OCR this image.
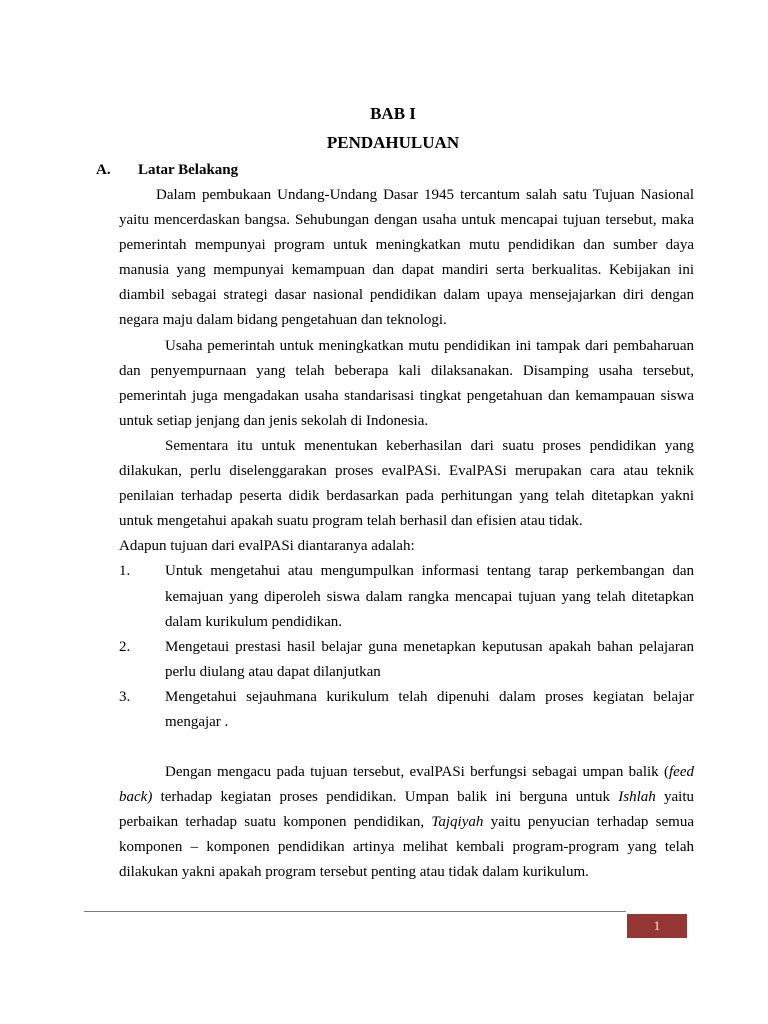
BAB I
PENDAHULUAN
A. Latar Belakang

Dalam pembukaan Undang-Undang Dasar 1945 tercantum salah satu Tujuan Nasional yaitu mencerdaskan bangsa. Sehubungan dengan usaha untuk mencapai tujuan tersebut, maka pemerintah mempunyai program untuk meningkatkan mutu pendidikan dan sumber daya manusia yang mempunyai kemampuan dan dapat mandiri serta berkualitas. Kebijakan ini diambil sebagai strategi dasar nasional pendidikan dalam upaya mensejajarkan diri dengan negara maju dalam bidang pengetahuan dan teknologi.

Usaha pemerintah untuk meningkatkan mutu pendidikan ini tampak dari pembaharuan dan penyempurnaan yang telah beberapa kali dilaksanakan. Disamping usaha tersebut, pemerintah juga mengadakan usaha standarisasi tingkat pengetahuan dan kemampauan siswa untuk setiap jenjang dan jenis sekolah di Indonesia.

Sementara itu untuk menentukan keberhasilan dari suatu proses pendidikan yang dilakukan, perlu diselenggarakan proses evalPASi. EvalPASi merupakan cara atau teknik penilaian terhadap peserta didik berdasarkan pada perhitungan yang telah ditetapkan yakni untuk mengetahui apakah suatu program telah berhasil dan efisien atau tidak.

Adapun tujuan dari evalPASi diantaranya adalah:

1. Untuk mengetahui atau mengumpulkan informasi tentang tarap perkembangan dan kemajuan yang diperoleh siswa dalam rangka mencapai tujuan yang telah ditetapkan dalam kurikulum pendidikan.
2. Mengetaui prestasi hasil belajar guna menetapkan keputusan apakah bahan pelajaran perlu diulang atau dapat dilanjutkan
3. Mengetahui sejauhmana kurikulum telah dipenuhi dalam proses kegiatan belajar mengajar .

Dengan mengacu pada tujuan tersebut, evalPASi berfungsi sebagai umpan balik (feed back) terhadap kegiatan proses pendidikan. Umpan balik ini berguna untuk Ishlah yaitu perbaikan terhadap suatu komponen pendidikan, Tajqiyah yaitu penyucian terhadap semua komponen – komponen pendidikan artinya melihat kembali program-program yang telah dilakukan yakni apakah program tersebut penting atau tidak dalam kurikulum.

1
